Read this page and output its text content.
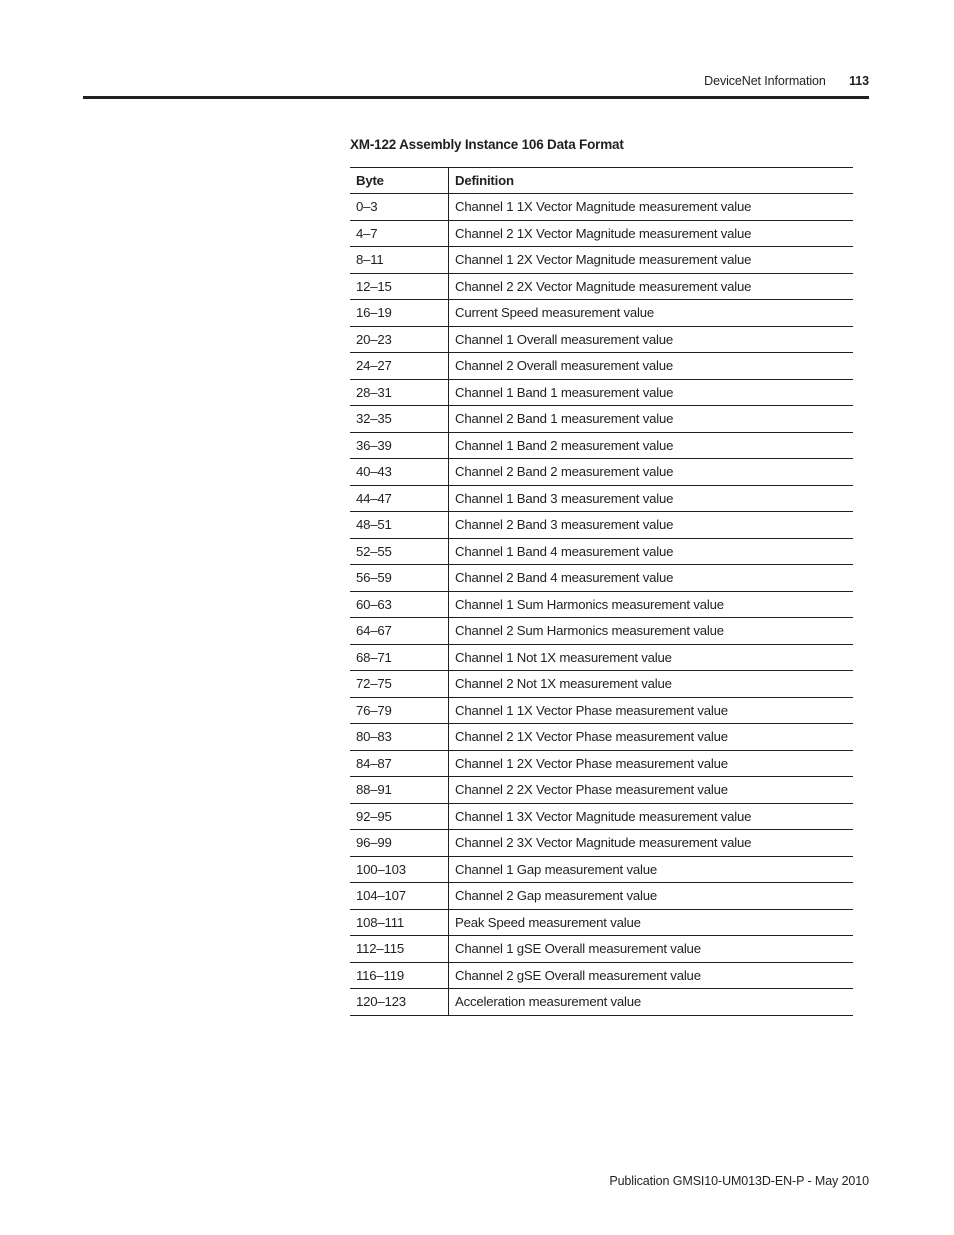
DeviceNet Information 113
XM-122 Assembly Instance 106 Data Format
Byte	Definition
0–3	Channel 1 1X Vector Magnitude measurement value
4–7	Channel 2 1X Vector Magnitude measurement value
8–11	Channel 1 2X Vector Magnitude measurement value
12–15	Channel 2 2X Vector Magnitude measurement value
16–19	Current Speed measurement value
20–23	Channel 1 Overall measurement value
24–27	Channel 2 Overall measurement value
28–31	Channel 1 Band 1 measurement value
32–35	Channel 2 Band 1 measurement value
36–39	Channel 1 Band 2 measurement value
40–43	Channel 2 Band 2 measurement value
44–47	Channel 1 Band 3 measurement value
48–51	Channel 2 Band 3 measurement value
52–55	Channel 1 Band 4 measurement value
56–59	Channel 2 Band 4 measurement value
60–63	Channel 1 Sum Harmonics measurement value
64–67	Channel 2 Sum Harmonics measurement value
68–71	Channel 1 Not 1X measurement value
72–75	Channel 2 Not 1X measurement value
76–79	Channel 1 1X Vector Phase measurement value
80–83	Channel 2 1X Vector Phase measurement value
84–87	Channel 1 2X Vector Phase measurement value
88–91	Channel 2 2X Vector Phase measurement value
92–95	Channel 1 3X Vector Magnitude measurement value
96–99	Channel 2 3X Vector Magnitude measurement value
100–103	Channel 1 Gap measurement value
104–107	Channel 2 Gap measurement value
108–111	Peak Speed measurement value
112–115	Channel 1 gSE Overall measurement value
116–119	Channel 2 gSE Overall measurement value
120–123	Acceleration measurement value
Publication GMSI10-UM013D-EN-P - May 2010
